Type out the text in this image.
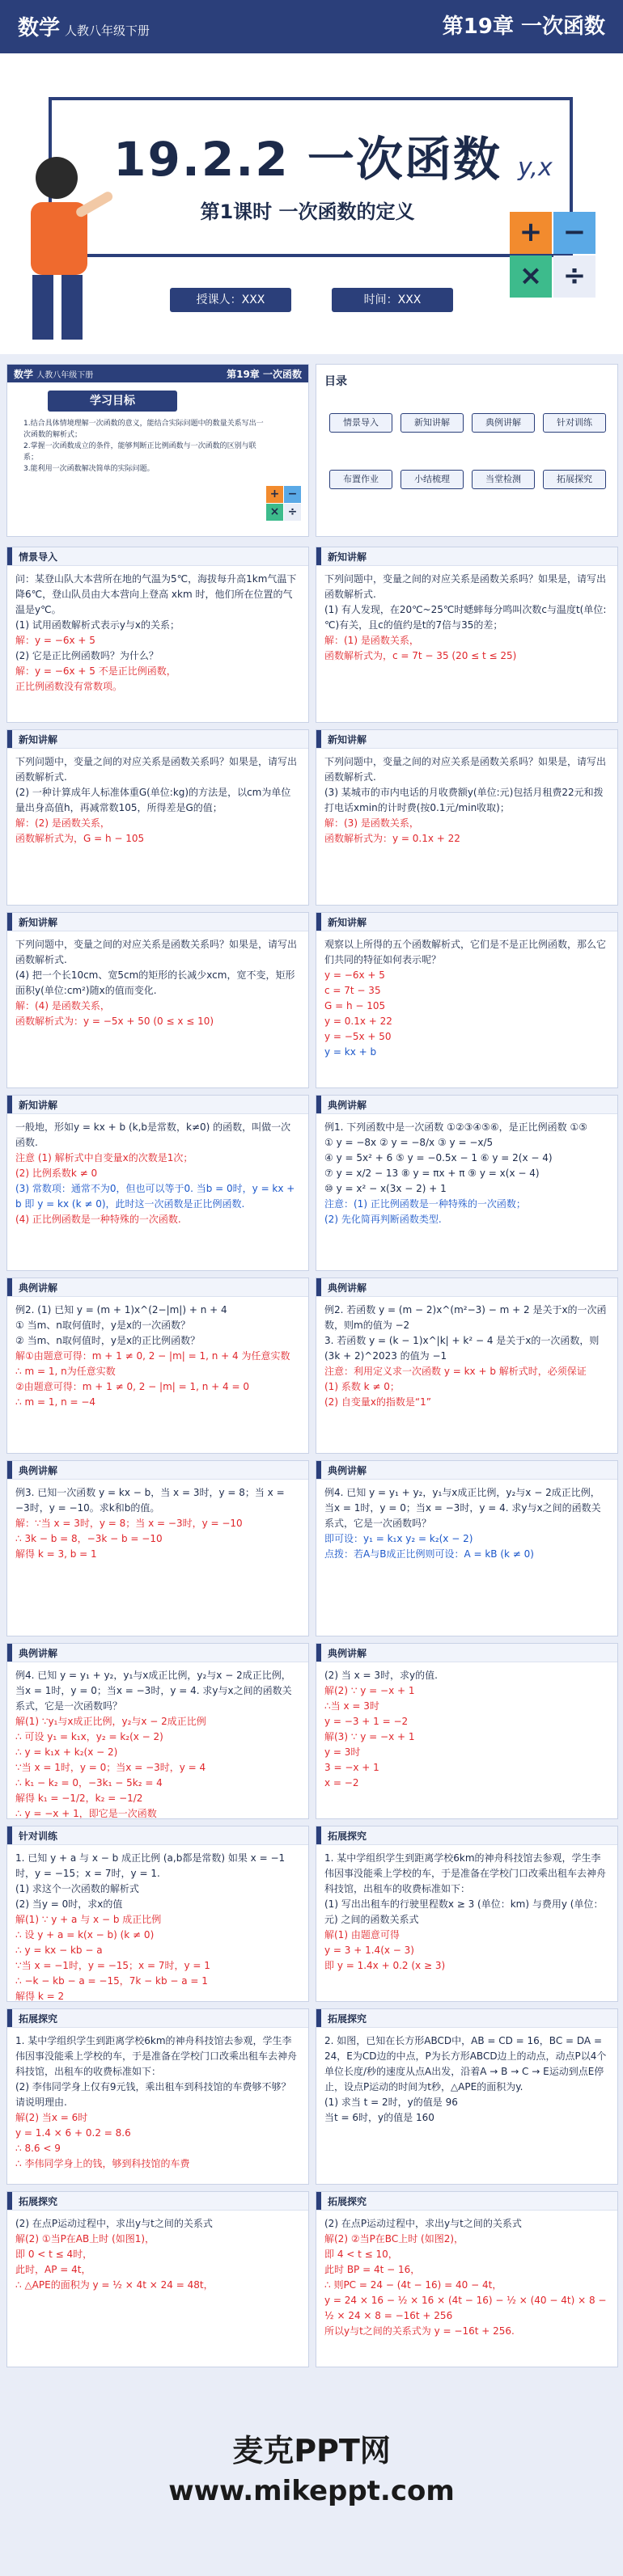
数学 人教八年级下册	第19章 一次函数
19.2.2 一次函数
第1课时 一次函数的定义
授课人：XXX	时间：XXX
y,x
+ −
× ÷
数学 人教八年级下册	第19章 一次函数
学习目标
1.结合具体情境理解一次函数的意义，能结合实际问题中的数量关系写出一次函数的解析式；
2.掌握一次函数成立的条件，能够判断正比例函数与一次函数的区别与联系；
3.能利用一次函数解决简单的实际问题。
+ −
× ÷
目录
情景导入	新知讲解	典例讲解	针对训练
布置作业	小结梳理	当堂检测	拓展探究
情景导入
问：某登山队大本营所在地的气温为5℃，海拔每升高1km气温下降6℃，登山队员由大本营向上登高 xkm 时，他们所在位置的气温是y℃。
(1) 试用函数解析式表示y与x的关系；
解：y = −6x + 5
(2) 它是正比例函数吗？为什么？
解：y = −6x + 5 不是正比例函数，
正比例函数没有常数项。
新知讲解
下列问题中，变量之间的对应关系是函数关系吗？如果是，请写出函数解析式.
(1) 有人发现，在20℃~25℃时蟋蟀每分鸣叫次数c与温度t(单位:℃)有关，且c的值约是t的7倍与35的差；
解：(1) 是函数关系，
函数解析式为，c = 7t − 35 (20 ≤ t ≤ 25)
新知讲解
下列问题中，变量之间的对应关系是函数关系吗？如果是，请写出函数解析式.
(2) 一种计算成年人标准体重G(单位:kg)的方法是，以cm为单位量出身高值h，再减常数105，所得差是G的值；
解：(2) 是函数关系，
函数解析式为，G = h − 105
新知讲解
下列问题中，变量之间的对应关系是函数关系吗？如果是，请写出函数解析式.
(3) 某城市的市内电话的月收费额y(单位:元)包括月租费22元和拨打电话xmin的计时费(按0.1元/min收取)；
解：(3) 是函数关系，
函数解析式为：y = 0.1x + 22
新知讲解
下列问题中，变量之间的对应关系是函数关系吗？如果是，请写出函数解析式.
(4) 把一个长10cm、宽5cm的矩形的长减少xcm，宽不变，矩形面积y(单位:cm²)随x的值而变化.
解：(4) 是函数关系，
函数解析式为：y = −5x + 50 (0 ≤ x ≤ 10)
新知讲解
观察以上所得的五个函数解析式，它们是不是正比例函数，那么它们共同的特征如何表示呢？
y = −6x + 5
c = 7t − 35
G = h − 105
y = 0.1x + 22
y = −5x + 50
y = kx + b
新知讲解
一般地，形如y = kx + b (k,b是常数，k≠0) 的函数，叫做一次函数.
注意 (1) 解析式中自变量x的次数是1次；
(2) 比例系数k ≠ 0
(3) 常数项：通常不为0，但也可以等于0. 当b = 0时，y = kx + b 即 y = kx (k ≠ 0)，此时这一次函数是正比例函数.
(4) 正比例函数是一种特殊的一次函数.
典例讲解
例1. 下列函数中是一次函数 ①②③④⑤⑥，是正比例函数 ①⑤
① y = −8x ② y = −8/x ③ y = −x/5
④ y = 5x² + 6 ⑤ y = −0.5x − 1 ⑥ y = 2(x − 4)
⑦ y = x/2 − 13 ⑧ y = πx + π ⑨ y = x(x − 4)
⑩ y = x² − x(3x − 2) + 1
注意：(1) 正比例函数是一种特殊的一次函数；
(2) 先化简再判断函数类型.
典例讲解
例2. (1) 已知 y = (m + 1)x^(2−|m|) + n + 4
① 当m、n取何值时，y是x的一次函数？
② 当m、n取何值时，y是x的正比例函数？
解①由题意可得：m + 1 ≠ 0, 2 − |m| = 1, n + 4 为任意实数
∴ m = 1, n为任意实数
②由题意可得：m + 1 ≠ 0, 2 − |m| = 1, n + 4 = 0
∴ m = 1, n = −4
典例讲解
例2. 若函数 y = (m − 2)x^(m²−3) − m + 2 是关于x的一次函数，则m的值为 −2
3. 若函数 y = (k − 1)x^|k| + k² − 4 是关于x的一次函数，则(3k + 2)^2023 的值为 −1
注意：利用定义求一次函数 y = kx + b 解析式时，必须保证
(1) 系数 k ≠ 0；
(2) 自变量x的指数是“1”
典例讲解
例3. 已知一次函数 y = kx − b，当 x = 3时，y = 8；当 x = −3时，y = −10。求k和b的值。
解：∵当 x = 3时，y = 8；当 x = −3时，y = −10
∴ 3k − b = 8，−3k − b = −10
解得 k = 3, b = 1
典例讲解
例4. 已知 y = y₁ + y₂，y₁与x成正比例，y₂与x − 2成正比例，当x = 1时，y = 0；当x = −3时，y = 4. 求y与x之间的函数关系式，它是一次函数吗？
即可设：y₁ = k₁x y₂ = k₂(x − 2)
点拨：若A与B成正比例则可设：A = kB (k ≠ 0)
典例讲解
例4. 已知 y = y₁ + y₂，y₁与x成正比例，y₂与x − 2成正比例，当x = 1时，y = 0；当x = −3时，y = 4. 求y与x之间的函数关系式，它是一次函数吗？
解(1) ∵y₁与x成正比例，y₂与x − 2成正比例
∴ 可设 y₁ = k₁x，y₂ = k₂(x − 2)
∴ y = k₁x + k₂(x − 2)
∵当 x = 1时，y = 0；当x = −3时，y = 4
∴ k₁ − k₂ = 0，−3k₁ − 5k₂ = 4
解得 k₁ = −1/2，k₂ = −1/2
∴ y = −x + 1，即它是一次函数
典例讲解
(2) 当 x = 3时，求y的值.
解(2) ∵ y = −x + 1
∴当 x = 3时
y = −3 + 1 = −2
解(3) ∵ y = −x + 1
y = 3时
3 = −x + 1
x = −2
针对训练
1. 已知 y + a 与 x − b 成正比例 (a,b都是常数) 如果 x = −1时，y = −15；x = 7时，y = 1.
(1) 求这个一次函数的解析式
(2) 当y = 0时，求x的值
解(1) ∵ y + a 与 x − b 成正比例
∴ 设 y + a = k(x − b) (k ≠ 0)
∴ y = kx − kb − a
∵当 x = −1时，y = −15；x = 7时，y = 1
∴ −k − kb − a = −15，7k − kb − a = 1
解得 k = 2
拓展探究
1. 某中学组织学生到距离学校6km的神舟科技馆去参观，学生李伟因事没能乘上学校的车，于是准备在学校门口改乘出租车去神舟科技馆，出租车的收费标准如下：
(1) 写出出租车的行驶里程数x ≥ 3 (单位：km) 与费用y (单位：元) 之间的函数关系式
解(1) 由题意可得
y = 3 + 1.4(x − 3)
即 y = 1.4x + 0.2 (x ≥ 3)
拓展探究
1. 某中学组织学生到距离学校6km的神舟科技馆去参观，学生李伟因事没能乘上学校的车，于是准备在学校门口改乘出租车去神舟科技馆，出租车的收费标准如下：
(2) 李伟同学身上仅有9元钱，乘出租车到科技馆的车费够不够？请说明理由.
解(2) 当x = 6时
y = 1.4 × 6 + 0.2 = 8.6
∴ 8.6 < 9
∴ 李伟同学身上的钱，够到科技馆的车费
拓展探究
2. 如图，已知在长方形ABCD中，AB = CD = 16，BC = DA = 24，E为CD边的中点，P为长方形ABCD边上的动点，动点P以4个单位长度/秒的速度从点A出发，沿着A → B → C → E运动到点E停止，设点P运动的时间为t秒，△APE的面积为y.
(1) 求当 t = 2时，y的值是 96
当t = 6时，y的值是 160
拓展探究
(2) 在点P运动过程中，求出y与t之间的关系式
解(2) ①当P在AB上时 (如图1)，
即 0 < t ≤ 4时，
此时，AP = 4t，
∴ △APE的面积为 y = ½ × 4t × 24 = 48t，
拓展探究
(2) 在点P运动过程中，求出y与t之间的关系式
解(2) ②当P在BC上时 (如图2)，
即 4 < t ≤ 10，
此时 BP = 4t − 16，
∴ 则PC = 24 − (4t − 16) = 40 − 4t，
y = 24 × 16 − ½ × 16 × (4t − 16) − ½ × (40 − 4t) × 8 − ½ × 24 × 8 = −16t + 256
所以y与t之间的关系式为 y = −16t + 256.
麦克PPT网
www.mikeppt.com
